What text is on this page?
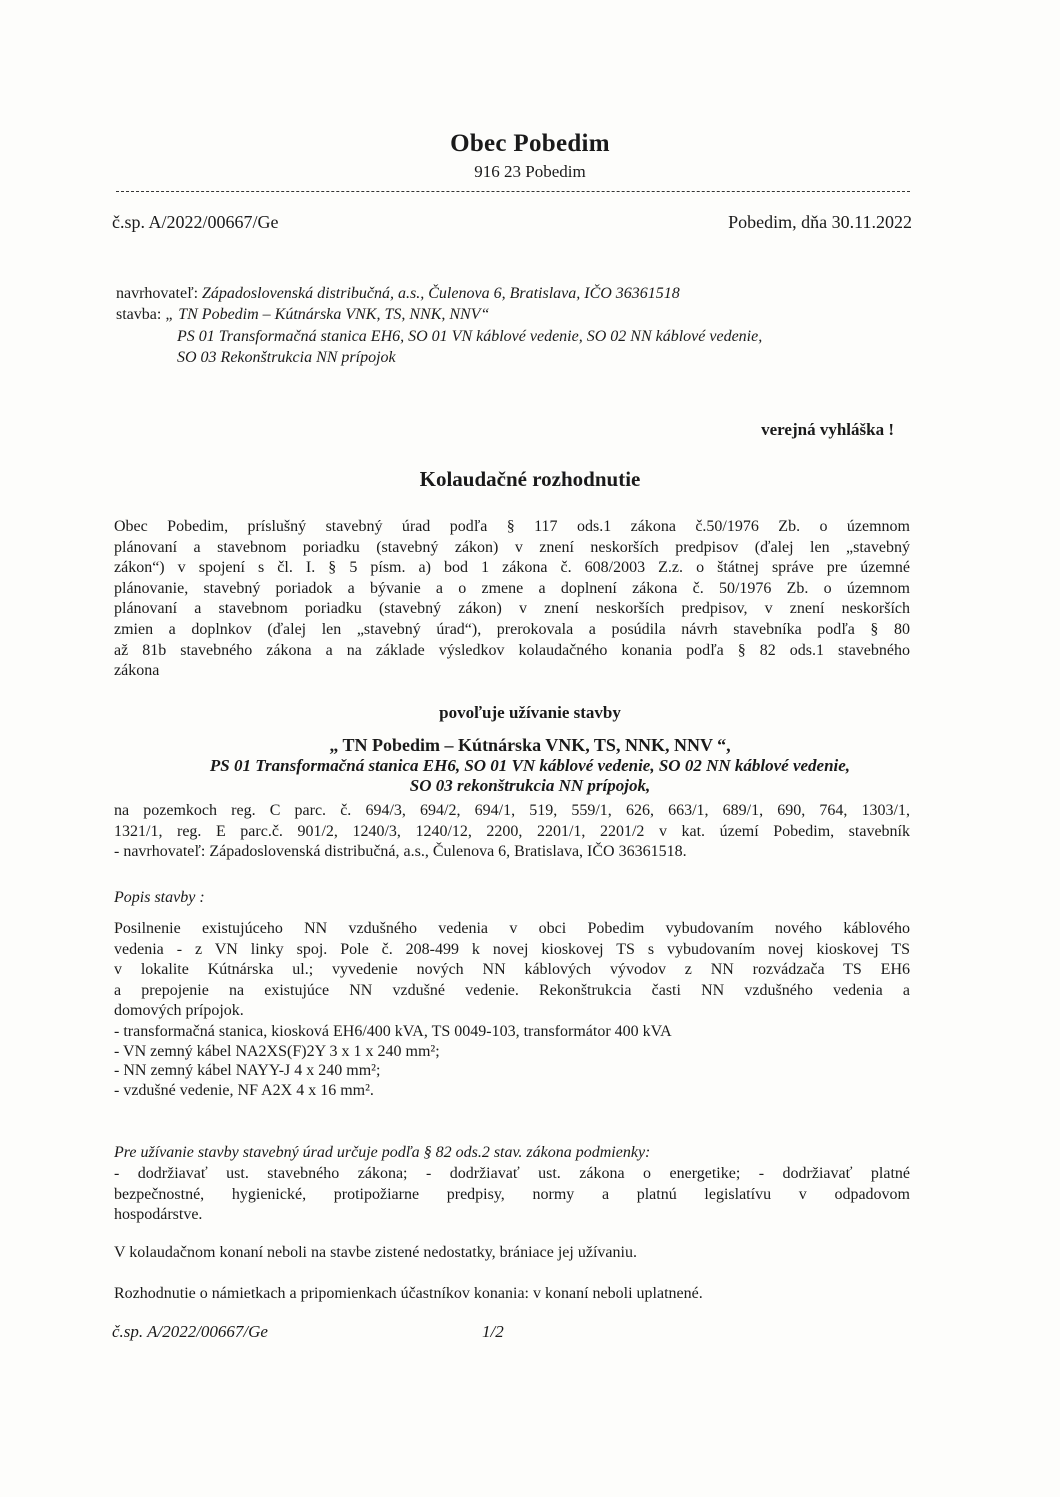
Obec Pobedim
916 23 Pobedim
č.sp. A/2022/00667/Ge	Pobedim, dňa 30.11.2022
navrhovateľ: Západoslovenská distribučná, a.s., Čulenova 6, Bratislava, IČO 36361518
stavba: „ TN Pobedim – Kútnárska VNK, TS, NNK, NNV“
PS 01 Transformačná stanica EH6, SO 01 VN káblové vedenie, SO 02 NN káblové vedenie,
SO 03 Rekonštrukcia NN prípojok
verejná vyhláška !
Kolaudačné rozhodnutie
Obec Pobedim, príslušný stavebný úrad podľa § 117 ods.1 zákona č.50/1976 Zb. o územnom
plánovaní a stavebnom poriadku (stavebný zákon) v znení neskorších predpisov (ďalej len „stavebný
zákon“) v spojení s čl. I. § 5 písm. a) bod 1 zákona č. 608/2003 Z.z. o štátnej správe pre územné
plánovanie, stavebný poriadok a bývanie a o zmene a doplnení zákona č. 50/1976 Zb. o územnom
plánovaní a stavebnom poriadku (stavebný zákon) v znení neskorších predpisov, v znení neskorších
zmien a doplnkov (ďalej len „stavebný úrad“), prerokovala a posúdila návrh stavebníka podľa § 80
až 81b stavebného zákona a na základe výsledkov kolaudačného konania podľa § 82 ods.1 stavebného
zákona
povoľuje užívanie stavby
„ TN Pobedim – Kútnárska VNK, TS, NNK, NNV “,
PS 01 Transformačná stanica EH6, SO 01 VN káblové vedenie, SO 02 NN káblové vedenie,
SO 03 rekonštrukcia NN prípojok,
na pozemkoch reg. C parc. č. 694/3, 694/2, 694/1, 519, 559/1, 626, 663/1, 689/1, 690, 764, 1303/1,
1321/1, reg. E parc.č. 901/2, 1240/3, 1240/12, 2200, 2201/1, 2201/2 v kat. území Pobedim, stavebník
- navrhovateľ: Západoslovenská distribučná, a.s., Čulenova 6, Bratislava, IČO 36361518.
Popis stavby :
Posilnenie existujúceho NN vzdušného vedenia v obci Pobedim vybudovaním nového káblového
vedenia - z VN linky spoj. Pole č. 208-499 k novej kioskovej TS s vybudovaním novej kioskovej TS
v lokalite Kútnárska ul.; vyvedenie nových NN káblových vývodov z NN rozvádzača TS EH6
a prepojenie na existujúce NN vzdušné vedenie. Rekonštrukcia časti NN vzdušného vedenia a
domových prípojok.
- transformačná stanica, kiosková EH6/400 kVA, TS 0049-103, transformátor 400 kVA
- VN zemný kábel NA2XS(F)2Y 3 x 1 x 240 mm²;
- NN zemný kábel NAYY-J 4 x 240 mm²;
- vzdušné vedenie, NF A2X 4 x 16 mm².
Pre užívanie stavby stavebný úrad určuje podľa § 82 ods.2 stav. zákona podmienky:
- dodržiavať ust. stavebného zákona; - dodržiavať ust. zákona o energetike; - dodržiavať platné
bezpečnostné, hygienické, protipožiarne predpisy, normy a platnú legislatívu v odpadovom
hospodárstve.
V kolaudačnom konaní neboli na stavbe zistené nedostatky, brániace jej užívaniu.
Rozhodnutie o námietkach a pripomienkach účastníkov konania: v konaní neboli uplatnené.
č.sp. A/2022/00667/Ge	1/2
